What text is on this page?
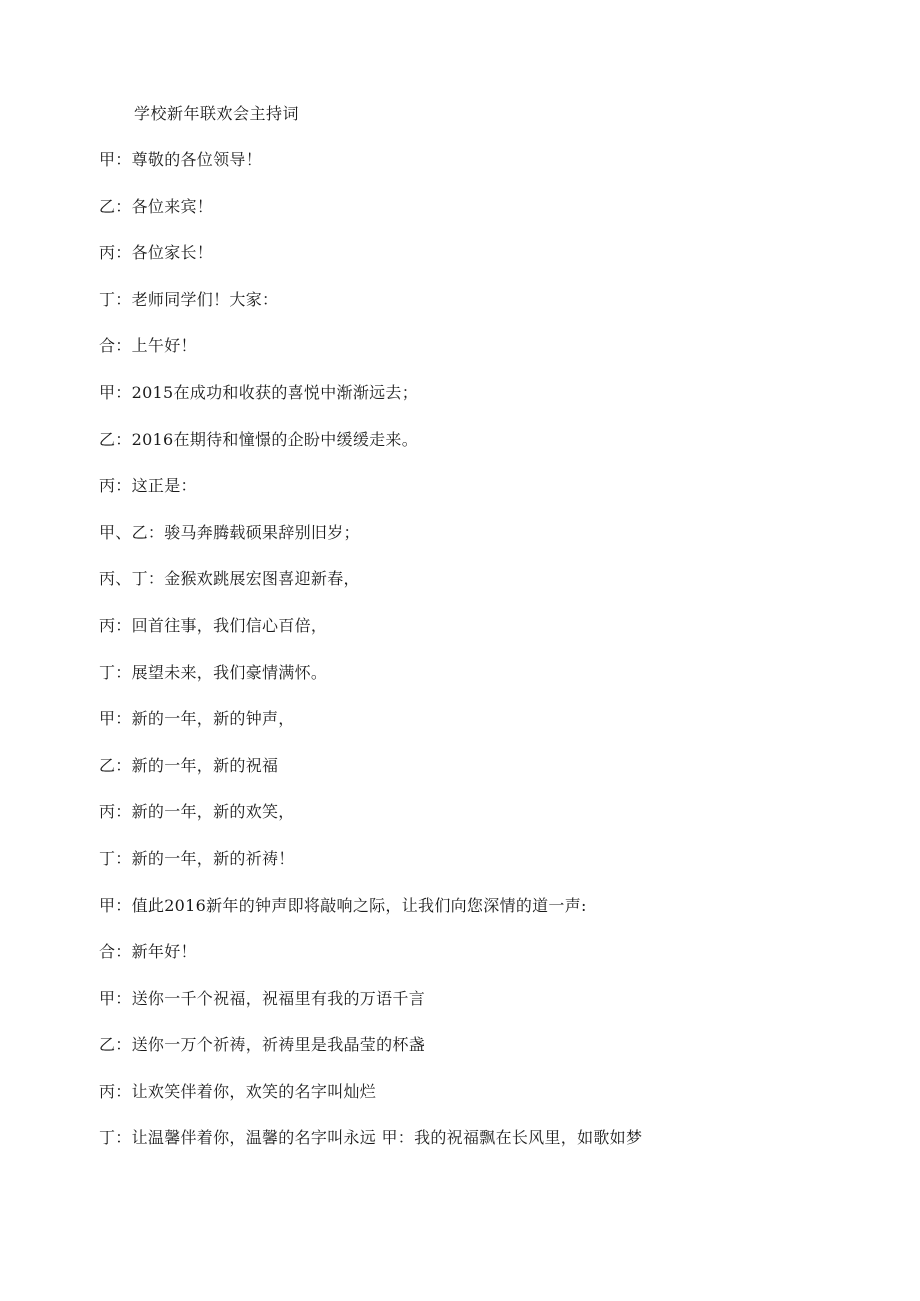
学校新年联欢会主持词
甲：尊敬的各位领导！
乙：各位来宾！
丙：各位家长！
丁：老师同学们！大家：
合：上午好！
甲：2015在成功和收获的喜悦中渐渐远去；
乙：2016在期待和憧憬的企盼中缓缓走来。
丙：这正是：
甲、乙：骏马奔腾载硕果辞别旧岁；
丙、丁：金猴欢跳展宏图喜迎新春，
丙：回首往事，我们信心百倍，
丁：展望未来，我们豪情满怀。
甲：新的一年，新的钟声，
乙：新的一年，新的祝福
丙：新的一年，新的欢笑，
丁：新的一年，新的祈祷！
甲：值此2016新年的钟声即将敲响之际，让我们向您深情的道一声:
合：新年好！
甲：送你一千个祝福，祝福里有我的万语千言
乙：送你一万个祈祷，祈祷里是我晶莹的杯盏
丙：让欢笑伴着你，欢笑的名字叫灿烂
丁：让温馨伴着你，温馨的名字叫永远 甲：我的祝福飘在长风里，如歌如梦
